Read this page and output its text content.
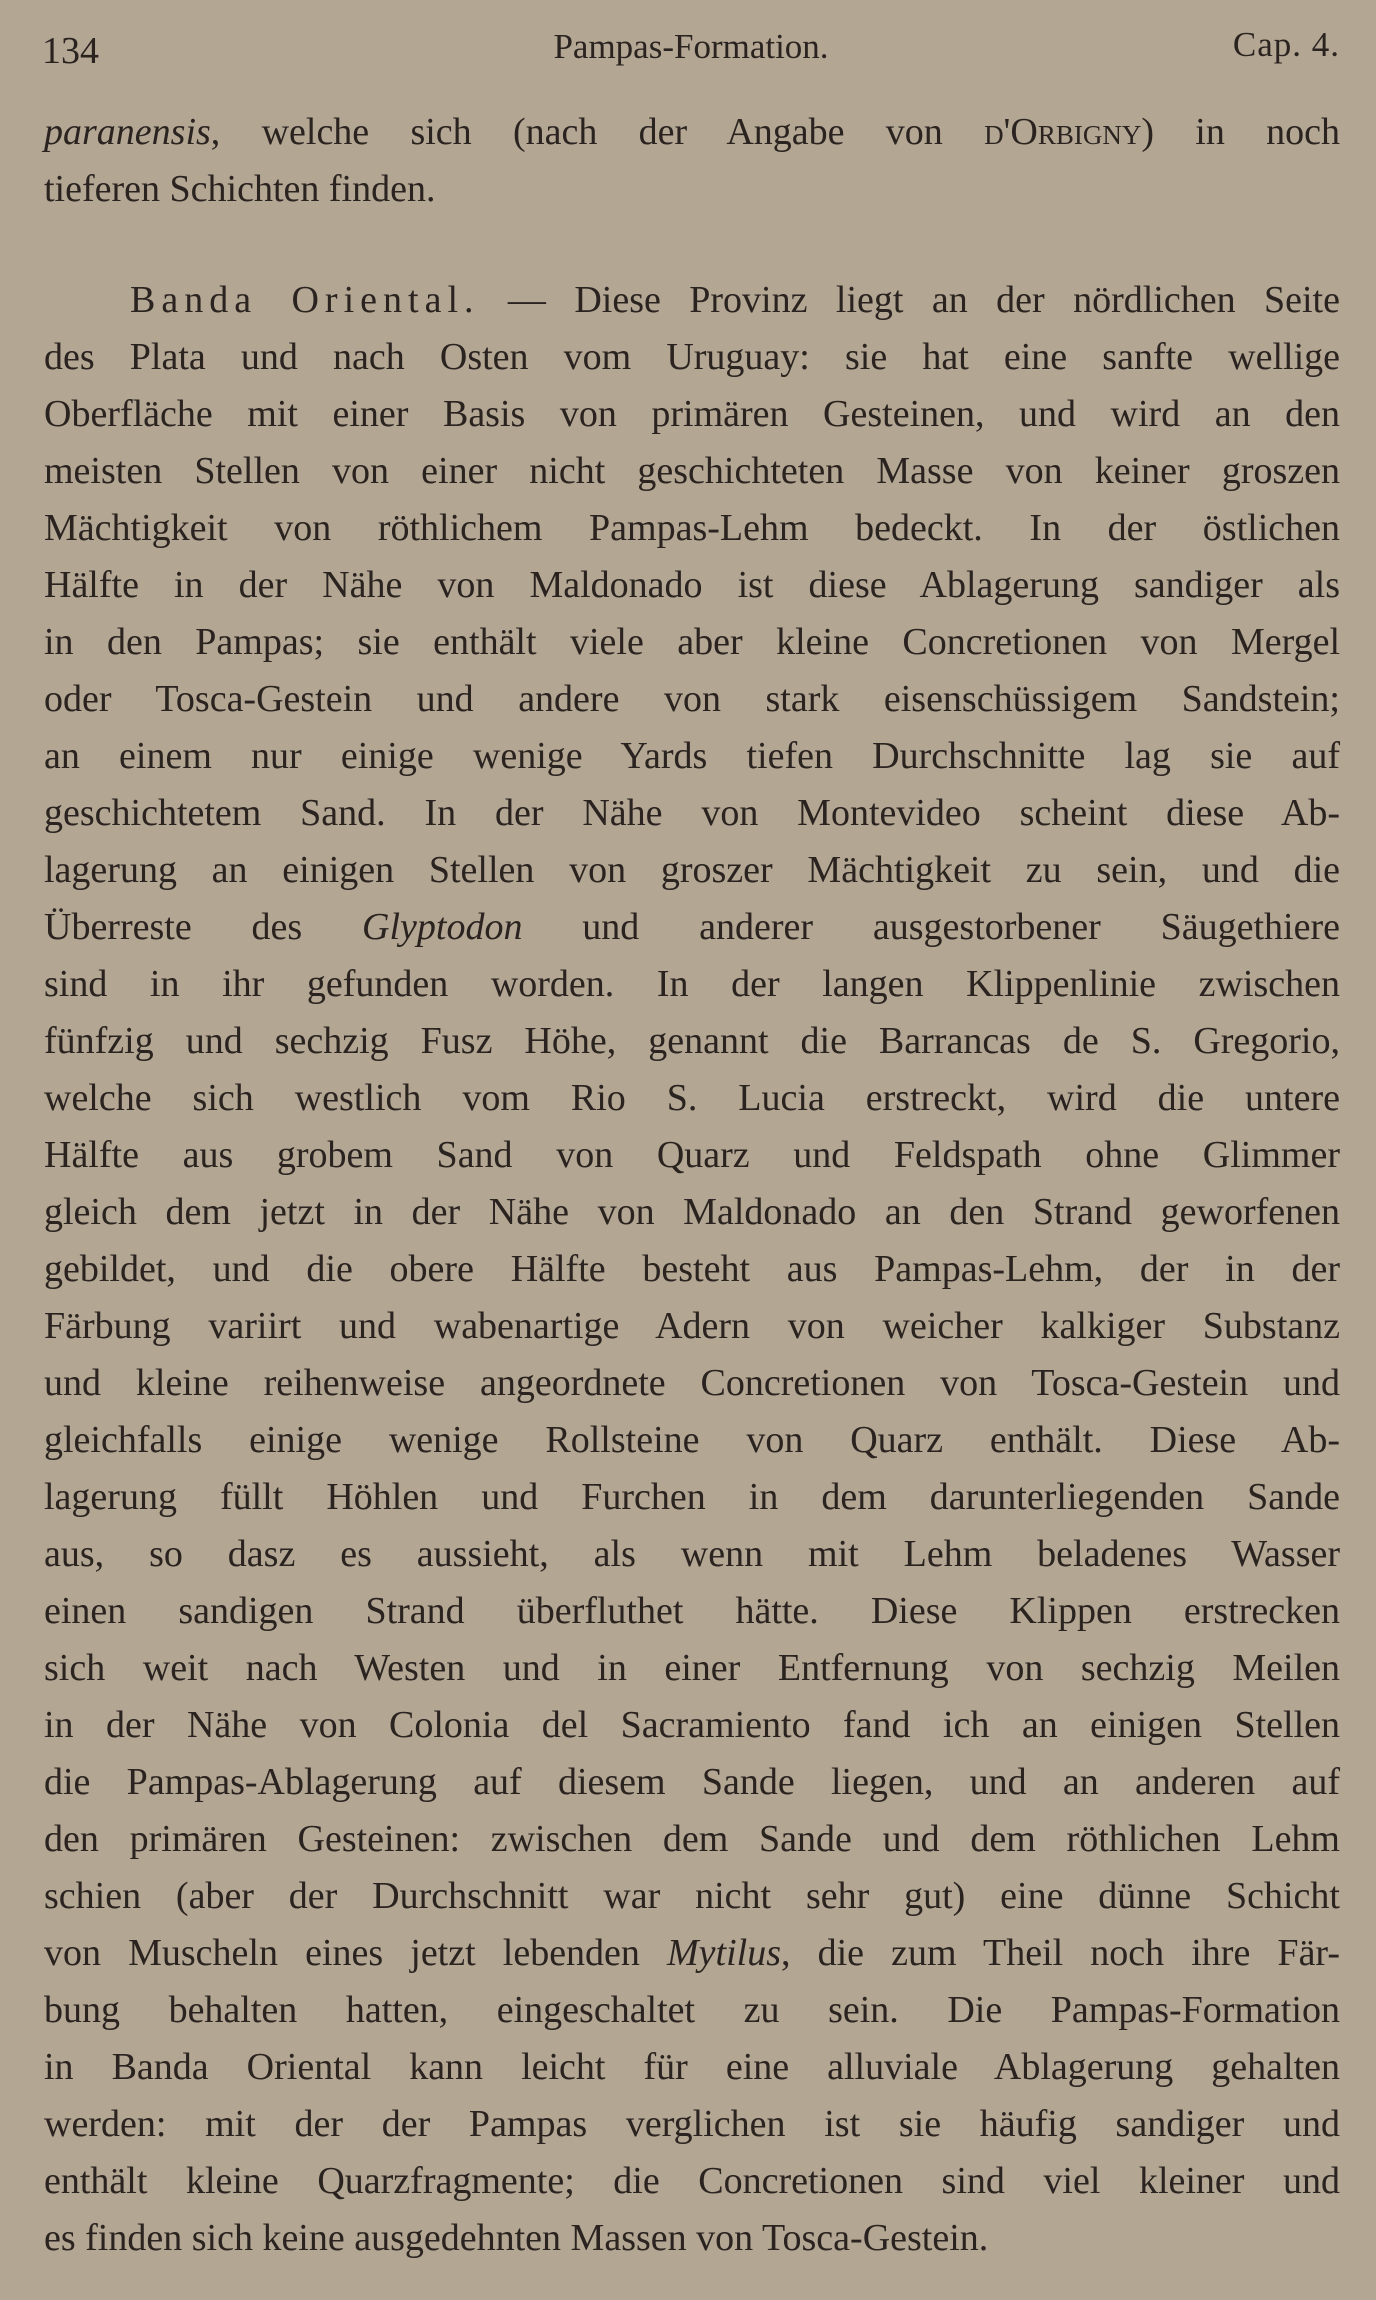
134	Pampas-Formation.	Cap. 4.
paranensis, welche sich (nach der Angabe von d'Orbigny) in noch
tieferen Schichten finden.
Banda Oriental. — Diese Provinz liegt an der nördlichen Seite
des Plata und nach Osten vom Uruguay: sie hat eine sanfte wellige
Oberfläche mit einer Basis von primären Gesteinen, und wird an den
meisten Stellen von einer nicht geschichteten Masse von keiner groszen
Mächtigkeit von röthlichem Pampas-Lehm bedeckt. In der östlichen
Hälfte in der Nähe von Maldonado ist diese Ablagerung sandiger als
in den Pampas; sie enthält viele aber kleine Concretionen von Mergel
oder Tosca-Gestein und andere von stark eisenschüssigem Sandstein;
an einem nur einige wenige Yards tiefen Durchschnitte lag sie auf
geschichtetem Sand. In der Nähe von Montevideo scheint diese Ab-
lagerung an einigen Stellen von groszer Mächtigkeit zu sein, und die
Überreste des Glyptodon und anderer ausgestorbener Säugethiere
sind in ihr gefunden worden. In der langen Klippenlinie zwischen
fünfzig und sechzig Fusz Höhe, genannt die Barrancas de S. Gregorio,
welche sich westlich vom Rio S. Lucia erstreckt, wird die untere
Hälfte aus grobem Sand von Quarz und Feldspath ohne Glimmer
gleich dem jetzt in der Nähe von Maldonado an den Strand geworfenen
gebildet, und die obere Hälfte besteht aus Pampas-Lehm, der in der
Färbung variirt und wabenartige Adern von weicher kalkiger Substanz
und kleine reihenweise angeordnete Concretionen von Tosca-Gestein und
gleichfalls einige wenige Rollsteine von Quarz enthält. Diese Ab-
lagerung füllt Höhlen und Furchen in dem darunterliegenden Sande
aus, so dasz es aussieht, als wenn mit Lehm beladenes Wasser
einen sandigen Strand überfluthet hätte. Diese Klippen erstrecken
sich weit nach Westen und in einer Entfernung von sechzig Meilen
in der Nähe von Colonia del Sacramiento fand ich an einigen Stellen
die Pampas-Ablagerung auf diesem Sande liegen, und an anderen auf
den primären Gesteinen: zwischen dem Sande und dem röthlichen Lehm
schien (aber der Durchschnitt war nicht sehr gut) eine dünne Schicht
von Muscheln eines jetzt lebenden Mytilus, die zum Theil noch ihre Fär-
bung behalten hatten, eingeschaltet zu sein. Die Pampas-Formation
in Banda Oriental kann leicht für eine alluviale Ablagerung gehalten
werden: mit der der Pampas verglichen ist sie häufig sandiger und
enthält kleine Quarzfragmente; die Concretionen sind viel kleiner und
es finden sich keine ausgedehnten Massen von Tosca-Gestein.
